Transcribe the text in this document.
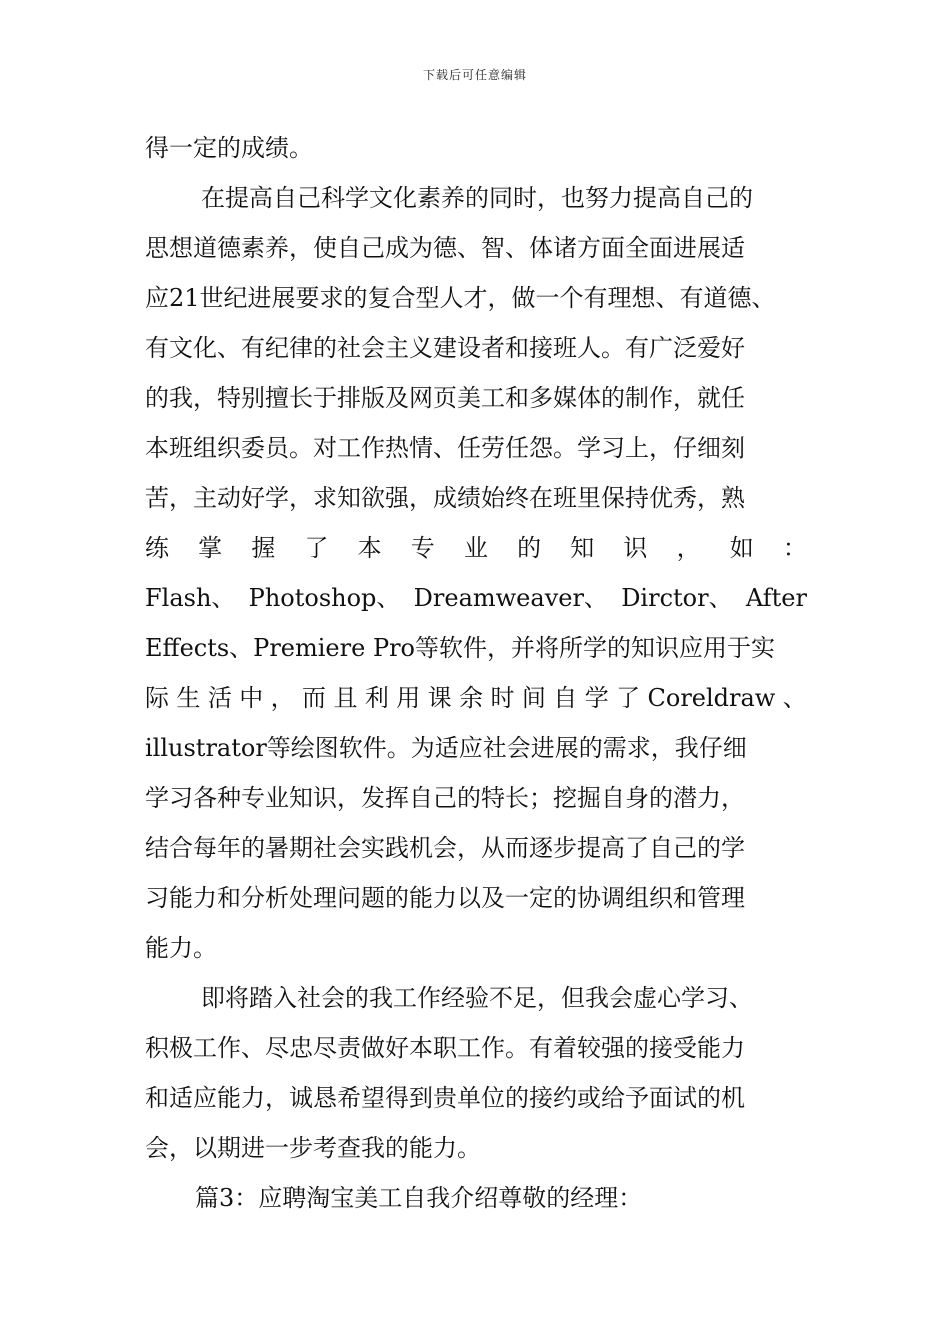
下载后可任意编辑
得一定的成绩。
在提高自己科学文化素养的同时，也努力提高自己的
思想道德素养，使自己成为德、智、体诸方面全面进展适
应21世纪进展要求的复合型人才，做一个有理想、有道德、
有文化、有纪律的社会主义建设者和接班人。有广泛爱好
的我，特别擅长于排版及网页美工和多媒体的制作，就任
本班组织委员。对工作热情、任劳任怨。学习上，仔细刻
苦，主动好学，求知欲强，成绩始终在班里保持优秀，熟
练 掌 握 了 本 专 业 的 知 识 ， 如 ：
Flash、 Photoshop、 Dreamweaver、 Dirctor、 After
Effects、Premiere Pro等软件，并将所学的知识应用于实
际 生 活 中 ， 而 且 利 用 课 余 时 间 自 学 了 Coreldraw 、
illustrator等绘图软件。为适应社会进展的需求，我仔细
学习各种专业知识，发挥自己的特长；挖掘自身的潜力，
结合每年的暑期社会实践机会，从而逐步提高了自己的学
习能力和分析处理问题的能力以及一定的协调组织和管理
能力。
即将踏入社会的我工作经验不足，但我会虚心学习、
积极工作、尽忠尽责做好本职工作。有着较强的接受能力
和适应能力，诚恳希望得到贵单位的接约或给予面试的机
会，以期进一步考查我的能力。
篇3：应聘淘宝美工自我介绍尊敬的经理：
